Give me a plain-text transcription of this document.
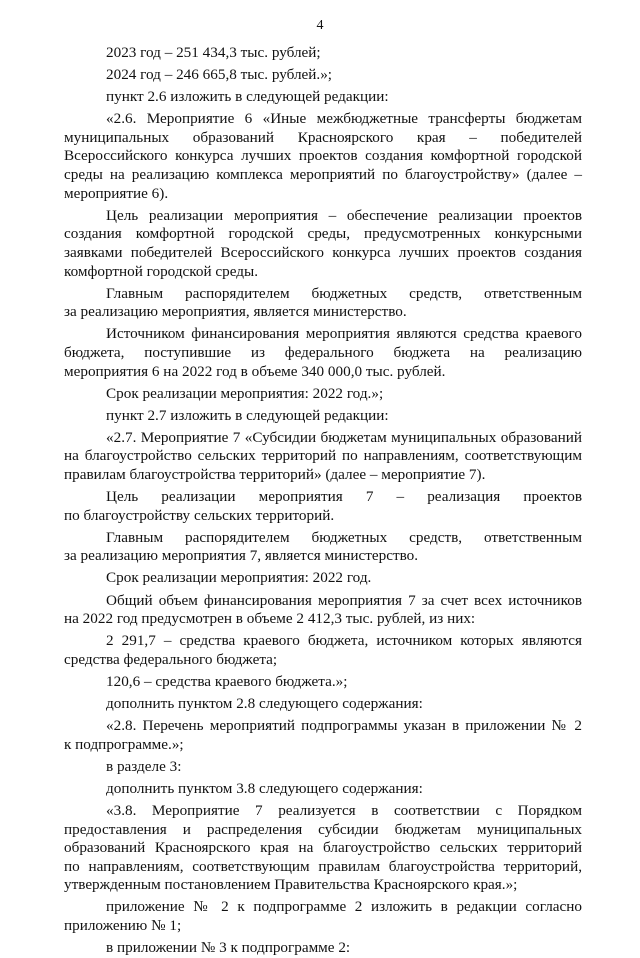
4
2023 год – 251 434,3 тыс. рублей;
2024 год – 246 665,8 тыс. рублей.»;
пункт 2.6 изложить в следующей редакции:
«2.6. Мероприятие 6 «Иные межбюджетные трансферты бюджетам
муниципальных образований Красноярского края – победителей
Всероссийского конкурса лучших проектов создания комфортной городской
среды на реализацию комплекса мероприятий по благоустройству» (далее –
мероприятие 6).
Цель реализации мероприятия – обеспечение реализации проектов
создания комфортной городской среды, предусмотренных конкурсными
заявками победителей Всероссийского конкурса лучших проектов создания
комфортной городской среды.
Главным распорядителем бюджетных средств, ответственным
за реализацию мероприятия, является министерство.
Источником финансирования мероприятия являются средства краевого
бюджета, поступившие из федерального бюджета на реализацию
мероприятия 6 на 2022 год в объеме 340 000,0 тыс. рублей.
Срок реализации мероприятия: 2022 год.»;
пункт 2.7 изложить в следующей редакции:
«2.7. Мероприятие 7 «Субсидии бюджетам муниципальных образований
на благоустройство сельских территорий по направлениям, соответствующим
правилам благоустройства территорий» (далее – мероприятие 7).
Цель реализации мероприятия 7 – реализация проектов
по благоустройству сельских территорий.
Главным распорядителем бюджетных средств, ответственным
за реализацию мероприятия 7, является министерство.
Срок реализации мероприятия: 2022 год.
Общий объем финансирования мероприятия 7 за счет всех источников
на 2022 год предусмотрен в объеме 2 412,3 тыс. рублей, из них:
2 291,7 – средства краевого бюджета, источником которых являются
средства федерального бюджета;
120,6 – средства краевого бюджета.»;
дополнить пунктом 2.8 следующего содержания:
«2.8. Перечень мероприятий подпрограммы указан в приложении № 2
к подпрограмме.»;
в разделе 3:
дополнить пунктом 3.8 следующего содержания:
«3.8. Мероприятие 7 реализуется в соответствии с Порядком
предоставления и распределения субсидии бюджетам муниципальных
образований Красноярского края на благоустройство сельских территорий
по направлениям, соответствующим правилам благоустройства территорий,
утвержденным постановлением Правительства Красноярского края.»;
приложение № 2 к подпрограмме 2 изложить в редакции согласно
приложению № 1;
в приложении № 3 к подпрограмме 2:
